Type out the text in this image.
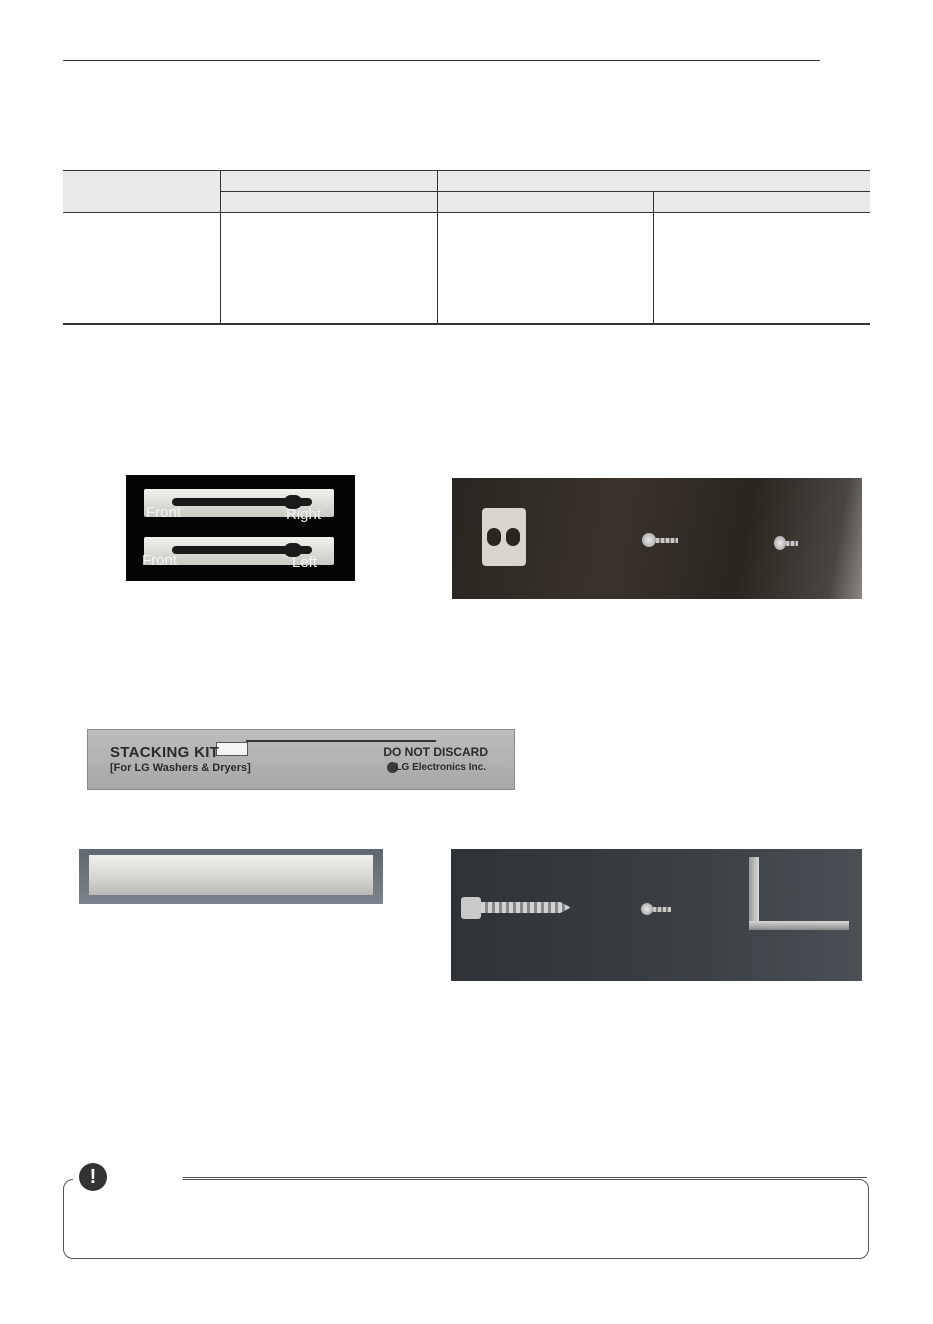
Front	Right
Front	Left
STACKING KIT
[For LG Washers & Dryers]
DO NOT DISCARD
LG Electronics Inc.
!
